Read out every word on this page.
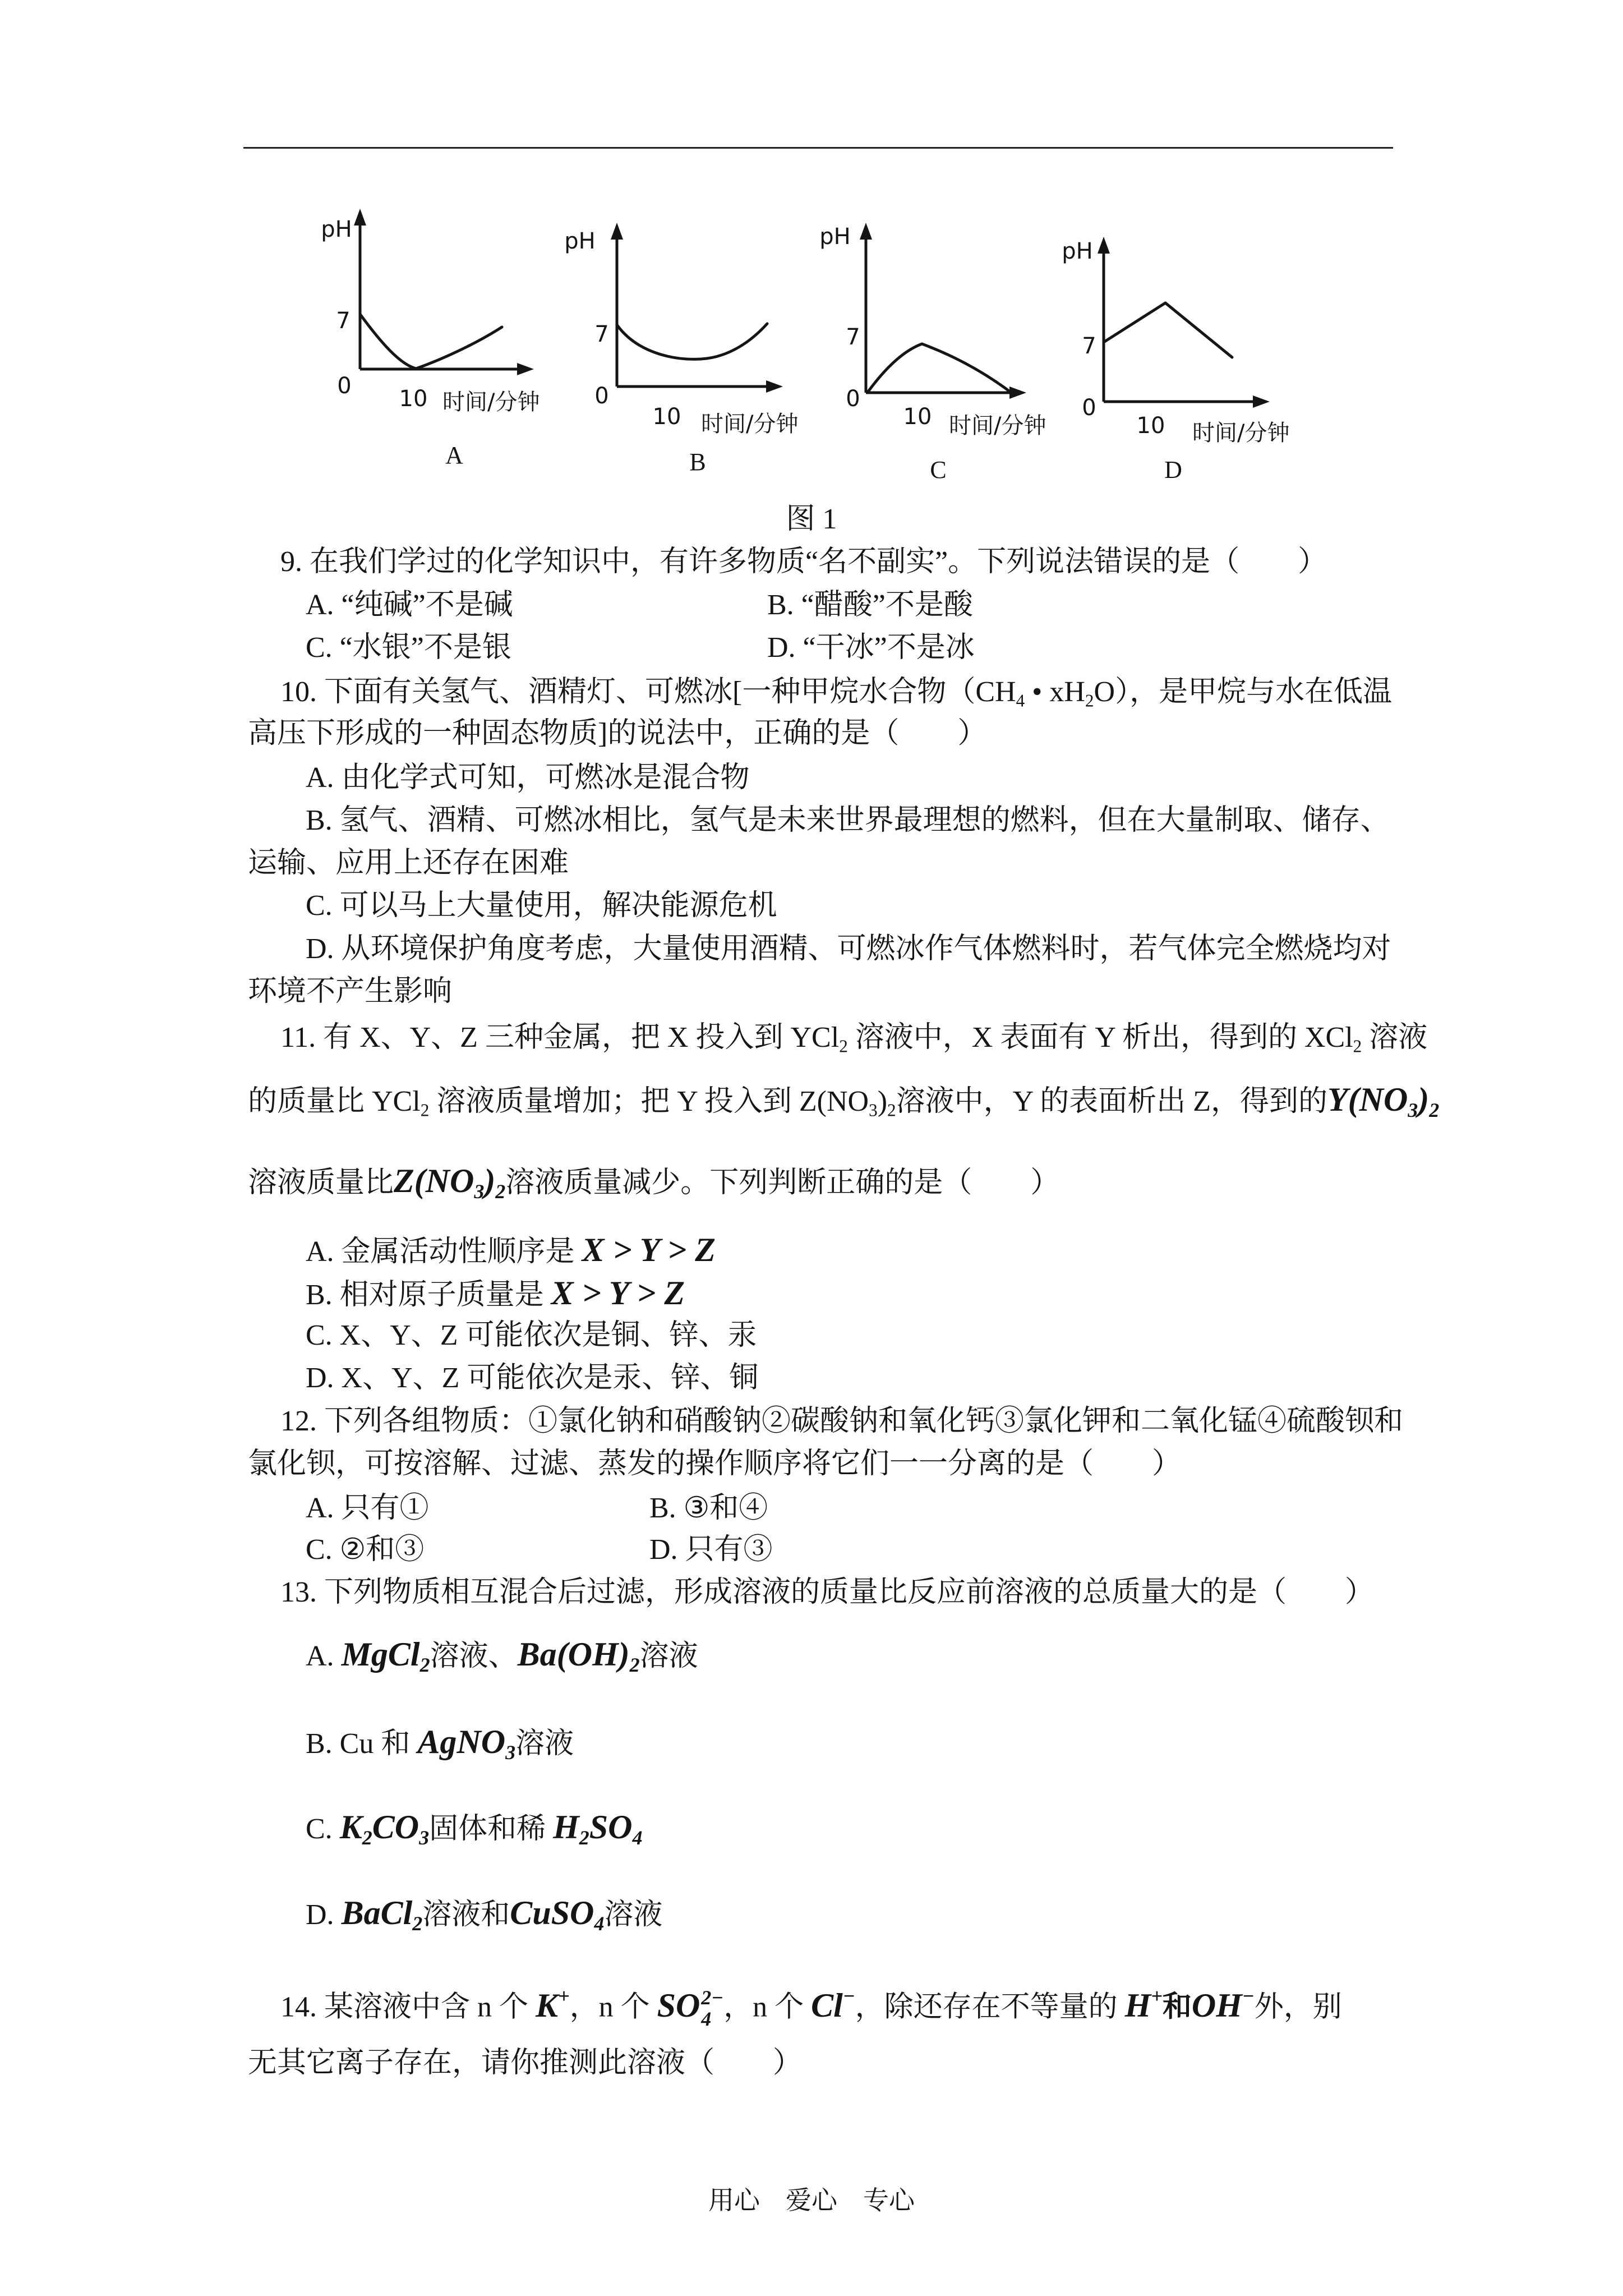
pH
7
0 10 时间/分钟
A
pH
7
0
10 时间/分钟
B
pH
7
0
10 时间/分钟
C
pH
7
0
10 时间/分钟
D
图 1
9. 在我们学过的化学知识中，有许多物质“名不副实”。下列说法错误的是（　　）
A. “纯碱”不是碱	B. “醋酸”不是酸
C. “水银”不是银	D. “干冰”不是冰
10. 下面有关氢气、酒精灯、可燃冰[一种甲烷水合物（$CH_4$ • $xH_2O$），是甲烷与水在低温
高压下形成的一种固态物质]的说法中，正确的是（　　）
A. 由化学式可知，可燃冰是混合物
B. 氢气、酒精、可燃冰相比，氢气是未来世界最理想的燃料，但在大量制取、储存、
运输、应用上还存在困难
C. 可以马上大量使用，解决能源危机
D. 从环境保护角度考虑，大量使用酒精、可燃冰作气体燃料时，若气体完全燃烧均对
环境不产生影响
11. 有 X、Y、Z 三种金属，把 X 投入到 YCl$_2$ 溶液中，X 表面有 Y 析出，得到的 XCl$_2$ 溶液
的质量比 YCl$_2$ 溶液质量增加；把 Y 投入到 $Z(NO_3)_2$溶液中，Y 的表面析出 Z，得到的$Y(NO_3)_2$
溶液质量比$Z(NO_3)_2$溶液质量减少。下列判断正确的是（　　）
A. 金属活动性顺序是 X > Y > Z
B. 相对原子质量是 X > Y > Z
C. X、Y、Z 可能依次是铜、锌、汞
D. X、Y、Z 可能依次是汞、锌、铜
12. 下列各组物质：①氯化钠和硝酸钠②碳酸钠和氧化钙③氯化钾和二氧化锰④硫酸钡和
氯化钡，可按溶解、过滤、蒸发的操作顺序将它们一一分离的是（　　）
A. 只有①	B. ③和④
C. ②和③	D. 只有③
13. 下列物质相互混合后过滤，形成溶液的质量比反应前溶液的总质量大的是（　　）
A. MgCl$_2$溶液、$Ba(OH)_2$溶液
B. Cu 和 AgNO$_3$溶液
C. $K_2CO_3$固体和稀 $H_2SO_4$
D. BaCl$_2$溶液和CuSO$_4$溶液
14. 某溶液中含 n 个 K+，n 个 SO 2−
4 ，n 个 Cl−，除还存在不等量的 H+和OH−外，别
无其它离子存在，请你推测此溶液（　　）
用心　爱心　专心
